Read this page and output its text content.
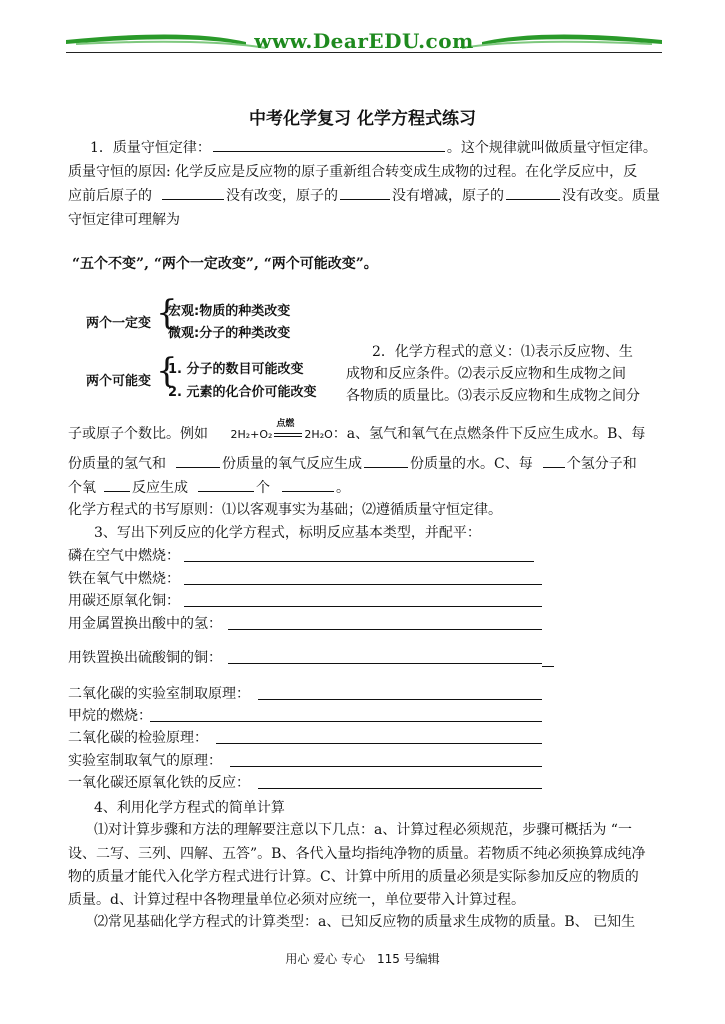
www.DearEDU.com
中考化学复习 化学方程式练习
1．质量守恒定律：	。这个规律就叫做质量守恒定律。
质量守恒的原因: 化学反应是反应物的原子重新组合转变成生成物的过程。在化学反应中，反
应前后原子的	没有改变，原子的	没有增减，原子的	没有改变。质量
守恒定律可理解为
“五个不变”, “两个一定改变”, “两个可能改变”。
两个一定变 {
宏观:物质的种类改变
微观:分子的种类改变
两个可能变 {
1. 分子的数目可能改变
2. 元素的化合价可能改变
2．化学方程式的意义：⑴表示反应物、生
成物和反应条件。⑵表示反应物和生成物之间
各物质的质量比。⑶表示反应物和生成物之间分
子或原子个数比。例如 2H₂+O₂
点燃
2H₂O：a、氢气和氧气在点燃条件下反应生成水。B、每
份质量的氢气和	份质量的氧气反应生成	份质量的水。C、每 个氢分子和
个氧	反应生成	个	。
化学方程式的书写原则：⑴以客观事实为基础；⑵遵循质量守恒定律。
3、写出下列反应的化学方程式，标明反应基本类型，并配平：
磷在空气中燃烧：
铁在氧气中燃烧：
用碳还原氧化铜：
用金属置换出酸中的氢：
用铁置换出硫酸铜的铜：
二氧化碳的实验室制取原理：
甲烷的燃烧：
二氧化碳的检验原理：
实验室制取氧气的原理：
一氧化碳还原氧化铁的反应：
4、利用化学方程式的简单计算
⑴对计算步骤和方法的理解要注意以下几点：a、计算过程必须规范，步骤可概括为 “一
设、二写、三列、四解、五答”。B、各代入量均指纯净物的质量。若物质不纯必须换算成纯净
物的质量才能代入化学方程式进行计算。C、计算中所用的质量必须是实际参加反应的物质的
质量。d、计算过程中各物理量单位必须对应统一，单位要带入计算过程。
⑵常见基础化学方程式的计算类型：a、已知反应物的质量求生成物的质量。B、 已知生
用心 爱心 专心　115 号编辑
